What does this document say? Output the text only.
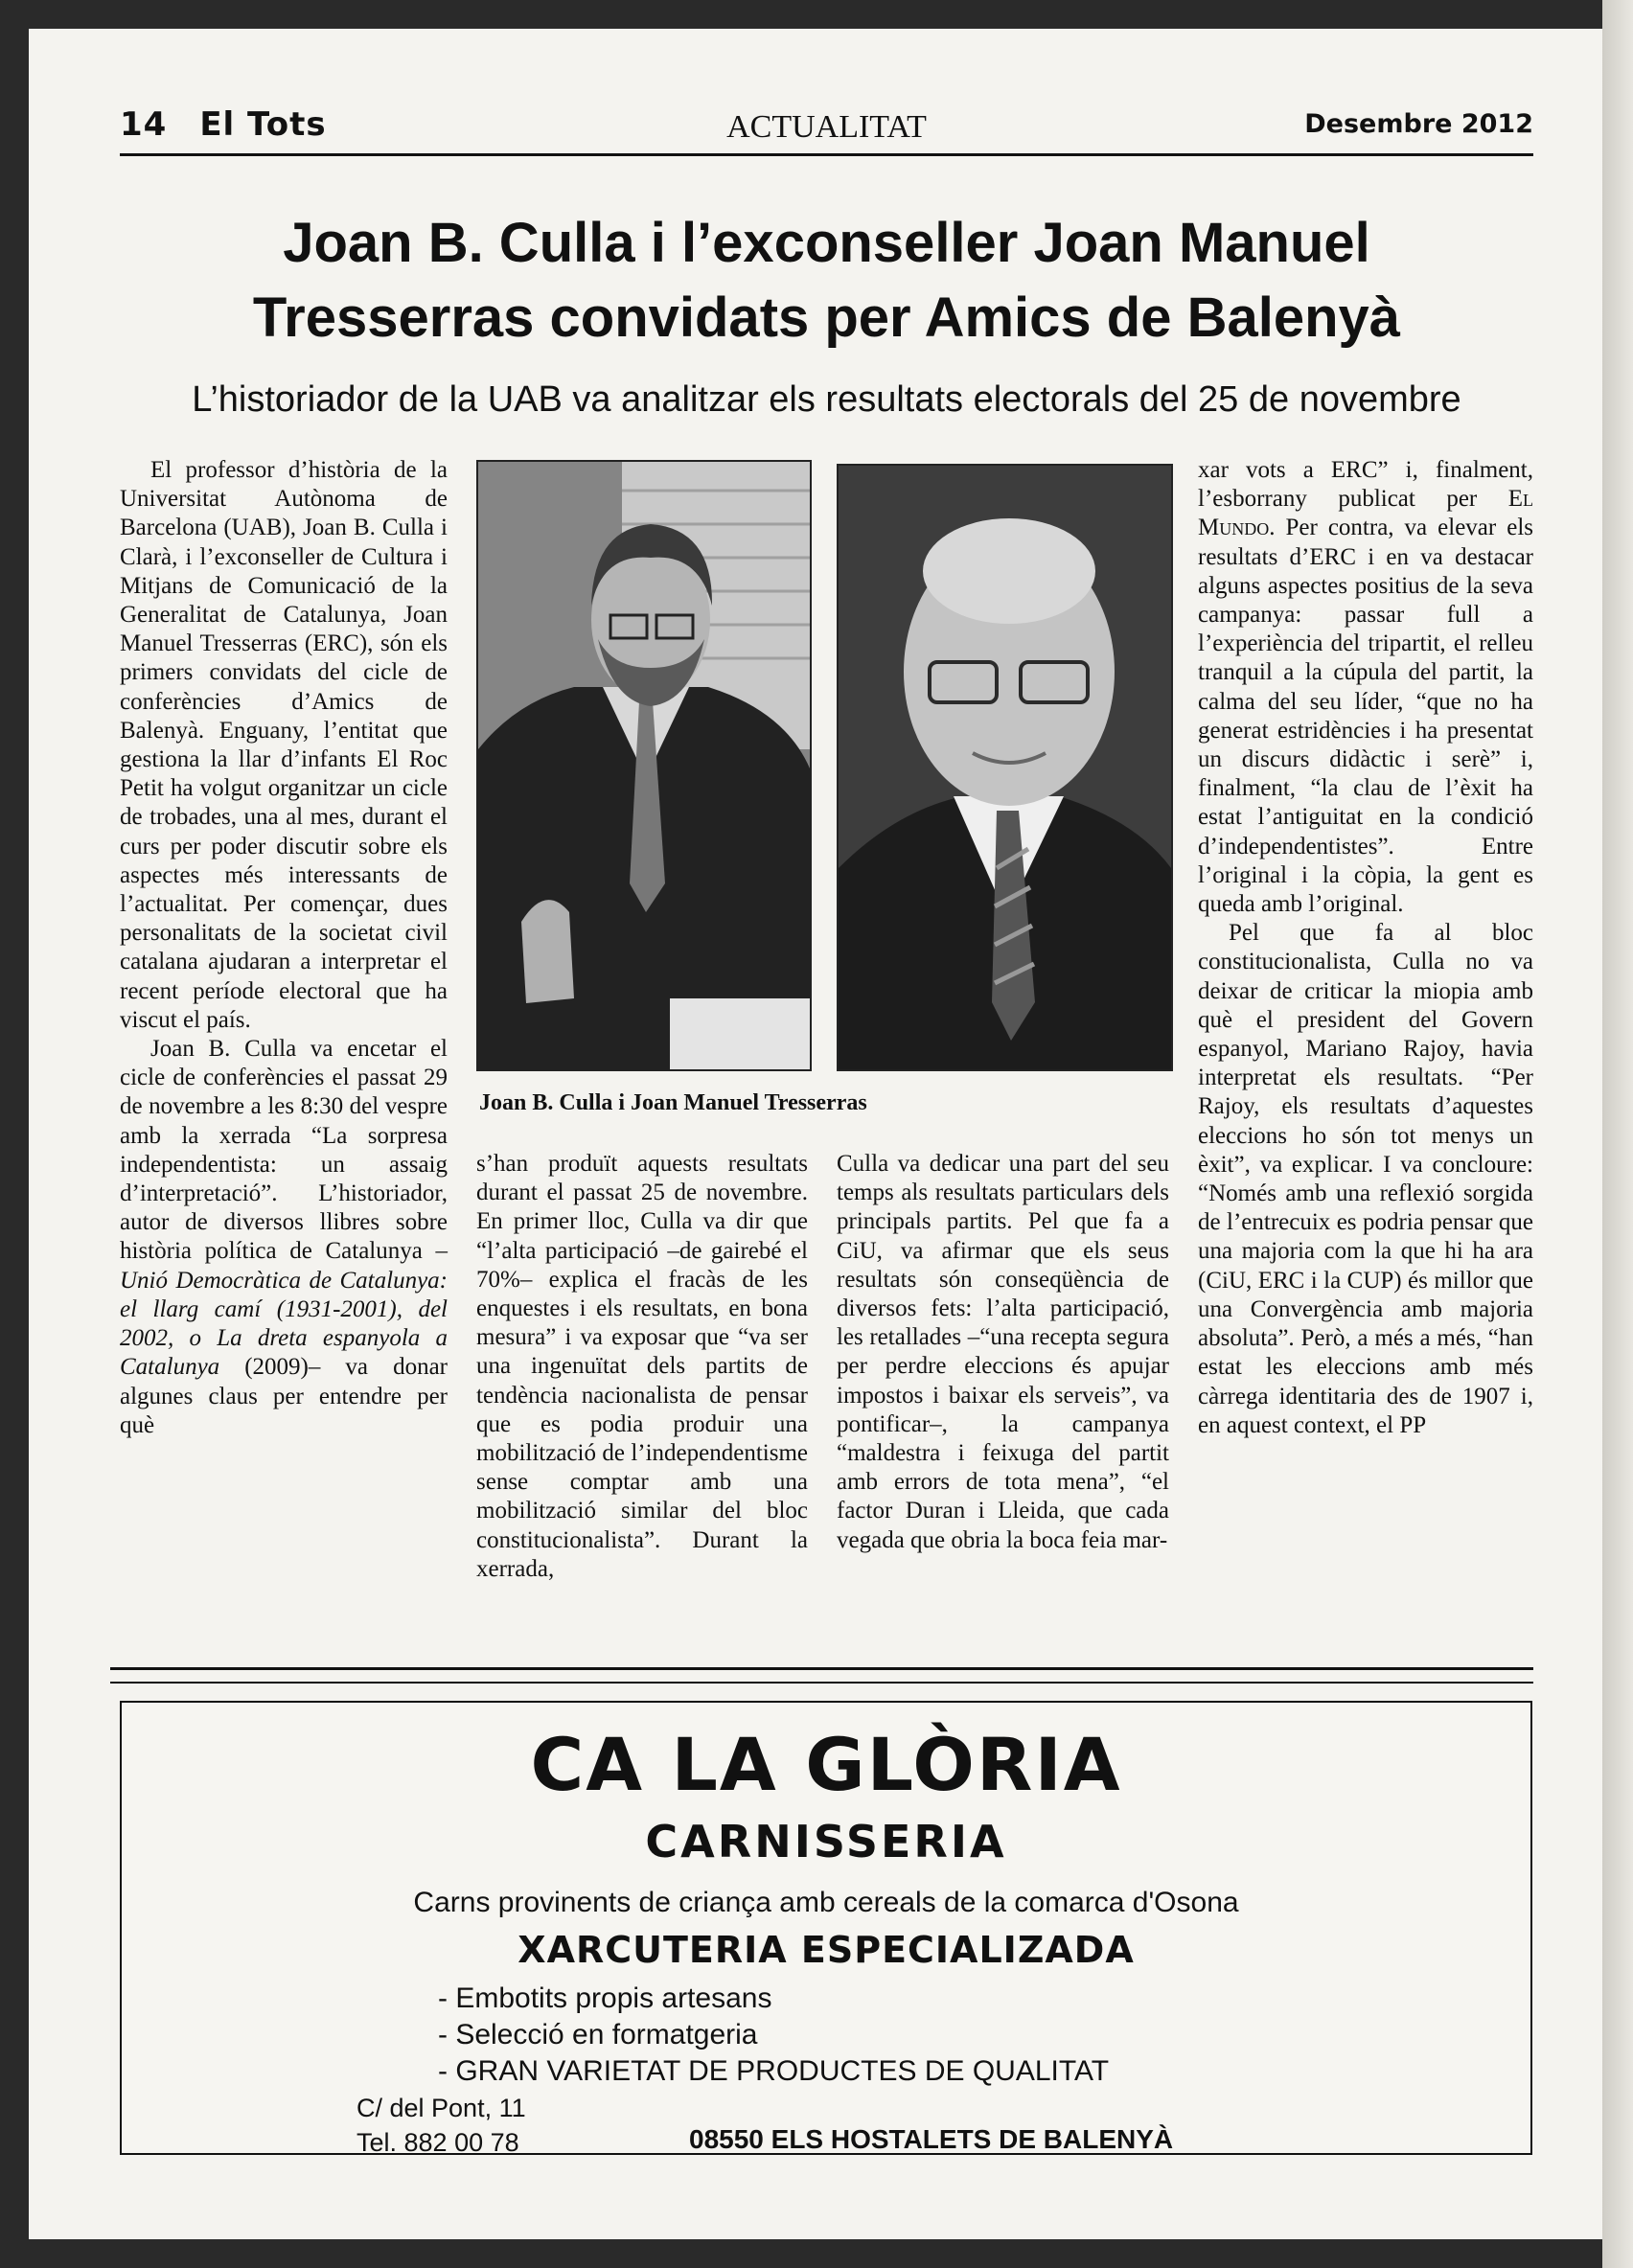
14 El Tots	ACTUALITAT	Desembre 2012
Joan B. Culla i l’exconseller Joan Manuel
Tresserras convidats per Amics de Balenyà
L’historiador de la UAB va analitzar els resultats electorals del 25 de novembre

El professor d’història de la Universitat Autònoma de Barcelona (UAB), Joan B. Culla i Clarà, i l’exconseller de Cultura i Mitjans de Comunicació de la Generalitat de Catalunya, Joan Manuel Tresserras (ERC), són els primers convidats del cicle de conferències d’Amics de Balenyà. Enguany, l’entitat que gestiona la llar d’infants El Roc Petit ha volgut organitzar un cicle de trobades, una al mes, durant el curs per poder discutir sobre els aspectes més interessants de l’actualitat. Per començar, dues personalitats de la societat civil catalana ajudaran a interpretar el recent període electoral que ha viscut el país.

Joan B. Culla va encetar el cicle de conferències el passat 29 de novembre a les 8:30 del vespre amb la xerrada “La sorpresa independentista: un assaig d’interpretació”. L’historiador, autor de diversos llibres sobre història política de Catalunya –Unió Democràtica de Catalunya: el llarg camí (1931-2001), del 2002, o La dreta espanyola a Catalunya (2009)– va donar algunes claus per entendre per què

Joan B. Culla i Joan Manuel Tresserras

s’han produït aquests resultats durant el passat 25 de novembre. En primer lloc, Culla va dir que “l’alta participació –de gairebé el 70%– explica el fracàs de les enquestes i els resultats, en bona mesura” i va exposar que “va ser una ingenuïtat dels partits de tendència nacionalista de pensar que es podia produir una mobilització de l’independentisme sense comptar amb una mobilització similar del bloc constitucionalista”. Durant la xerrada,

Culla va dedicar una part del seu temps als resultats particulars dels principals partits. Pel que fa a CiU, va afirmar que els seus resultats són conseqüència de diversos fets: l’alta participació, les retallades –“una recepta segura per perdre eleccions és apujar impostos i baixar els serveis”, va pontificar–, la campanya “maldestra i feixuga del partit amb errors de tota mena”, “el factor Duran i Lleida, que cada vegada que obria la boca feia mar-

xar vots a ERC” i, finalment, l’esborrany publicat per El Mundo. Per contra, va elevar els resultats d’ERC i en va destacar alguns aspectes positius de la seva campanya: passar full a l’experiència del tripartit, el relleu tranquil a la cúpula del partit, la calma del seu líder, “que no ha generat estridències i ha presentat un discurs didàctic i serè” i, finalment, “la clau de l’èxit ha estat l’antiguitat en la condició d’independentistes”. Entre l’original i la còpia, la gent es queda amb l’original.

Pel que fa al bloc constitucionalista, Culla no va deixar de criticar la miopia amb què el president del Govern espanyol, Mariano Rajoy, havia interpretat els resultats. “Per Rajoy, els resultats d’aquestes eleccions ho són tot menys un èxit”, va explicar. I va concloure: “Només amb una reflexió sorgida de l’entrecuix es podria pensar que una majoria com la que hi ha ara (CiU, ERC i la CUP) és millor que una Convergència amb majoria absoluta”. Però, a més a més, “han estat les eleccions amb més càrrega identitaria des de 1907 i, en aquest context, el PP

CA LA GLÒRIA
CARNISSERIA
Carns provinents de criança amb cereals de la comarca d'Osona
XARCUTERIA ESPECIALIZADA
- Embotits propis artesans
- Selecció en formatgeria
- GRAN VARIETAT DE PRODUCTES DE QUALITAT
C/ del Pont, 11
Tel. 882 00 78	08550 ELS HOSTALETS DE BALENYÀ
